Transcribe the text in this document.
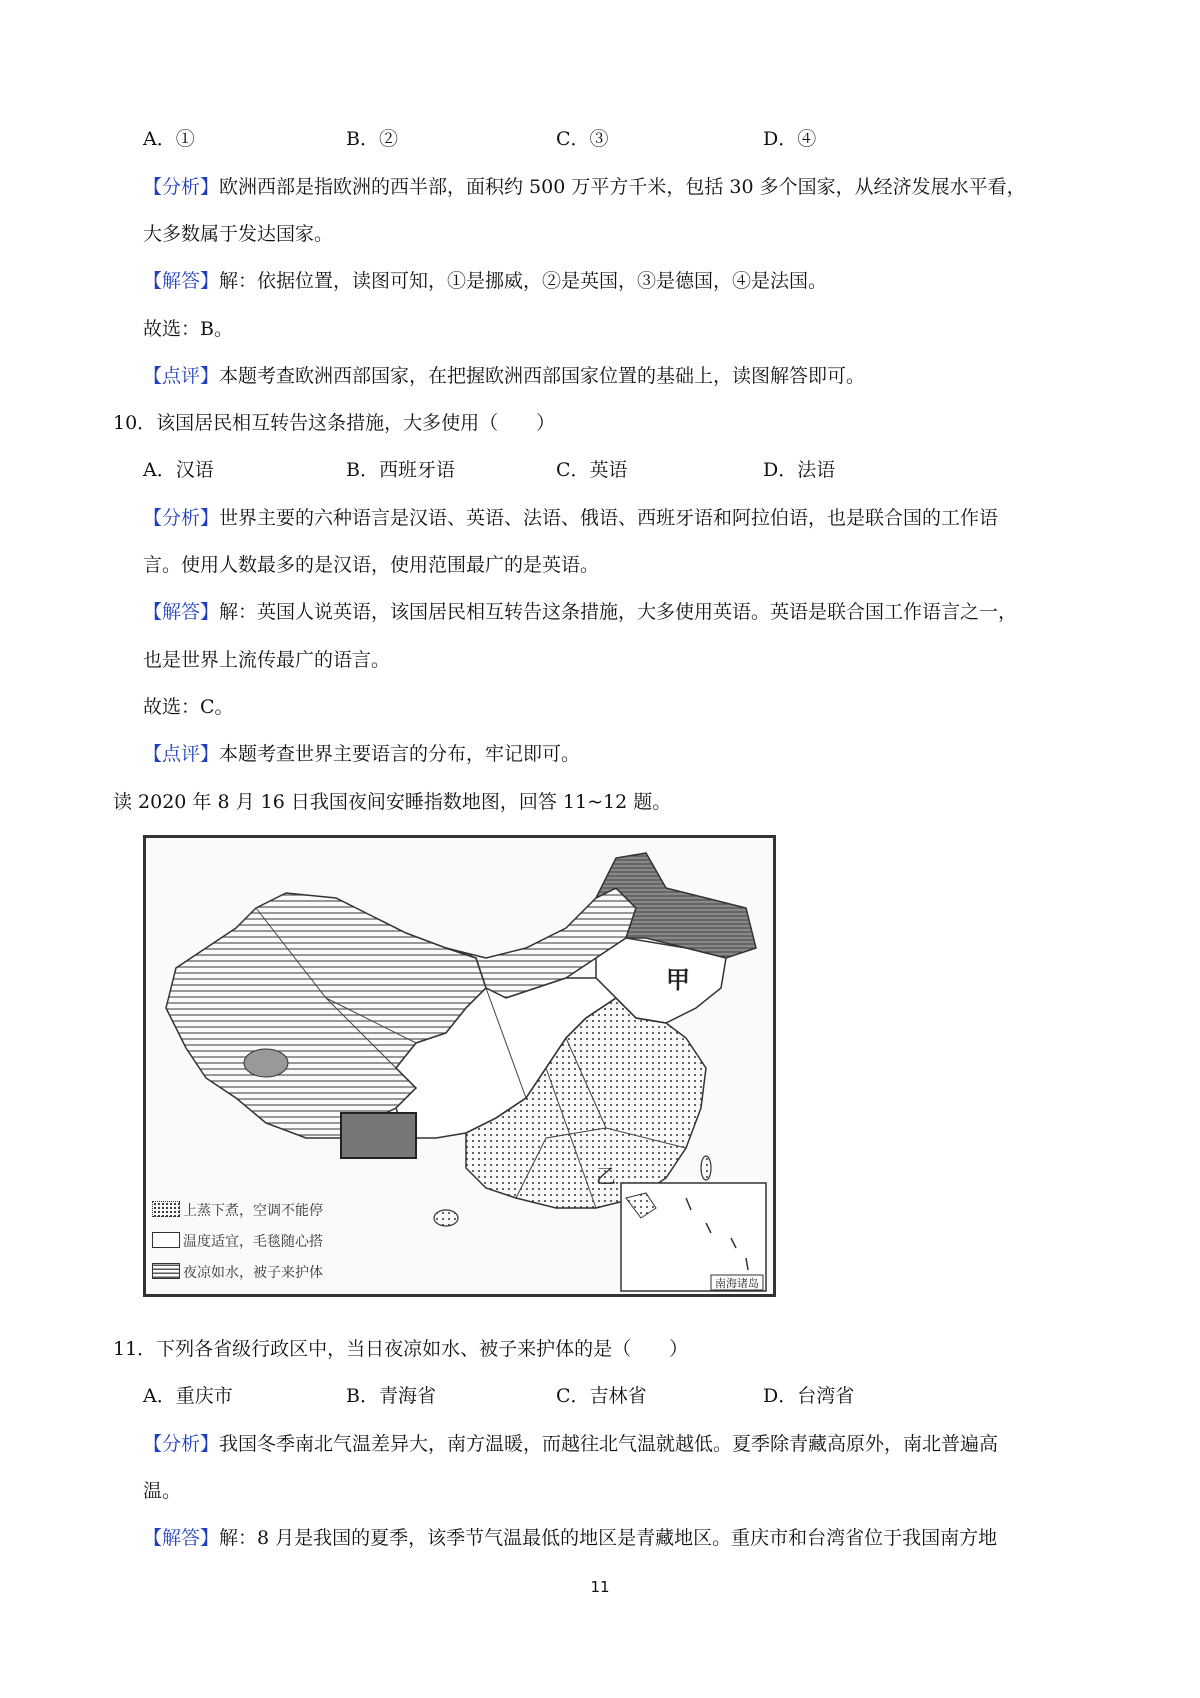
A．①	B．②	C．③	D．④
【分析】欧洲西部是指欧洲的西半部，面积约 500 万平方千米，包括 30 多个国家，从经济发展水平看，
大多数属于发达国家。
【解答】解：依据位置，读图可知，①是挪威，②是英国，③是德国，④是法国。
故选：B。
【点评】本题考查欧洲西部国家，在把握欧洲西部国家位置的基础上，读图解答即可。
10．该国居民相互转告这条措施，大多使用（　　）
A．汉语	B．西班牙语	C．英语	D．法语
【分析】世界主要的六种语言是汉语、英语、法语、俄语、西班牙语和阿拉伯语，也是联合国的工作语
言。使用人数最多的是汉语，使用范围最广的是英语。
【解答】解：英国人说英语，该国居民相互转告这条措施，大多使用英语。英语是联合国工作语言之一，
也是世界上流传最广的语言。
故选：C。
【点评】本题考查世界主要语言的分布，牢记即可。
读 2020 年 8 月 16 日我国夜间安睡指数地图，回答 11~12 题。
甲
乙
南海诸岛
上蒸下煮，空调不能停
温度适宜，毛毯随心搭
夜凉如水，被子来护体
11．下列各省级行政区中，当日夜凉如水、被子来护体的是（　　）
A．重庆市	B．青海省	C．吉林省	D．台湾省
【分析】我国冬季南北气温差异大，南方温暖，而越往北气温就越低。夏季除青藏高原外，南北普遍高
温。
【解答】解：8 月是我国的夏季，该季节气温最低的地区是青藏地区。重庆市和台湾省位于我国南方地
11
